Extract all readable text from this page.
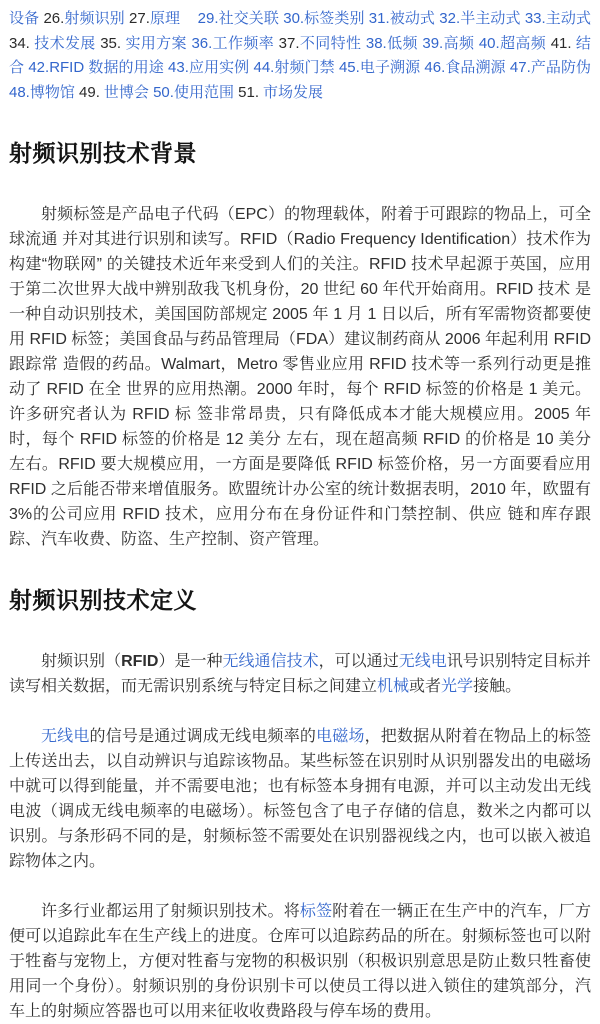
设备 26.射频识别 27.原理 29.社交关联 30.标签类别 31.被动式 32.半主动式 33.主动式 34. 技术发展 35. 实用方案 36.工作频率 37.不同特性 38.低频 39.高频 40.超高频 41. 结合 42.RFID 数据的用途 43.应用实例 44.射频门禁 45.电子溯源 46.食品溯源 47.产品防伪 48.博物馆 49. 世博会 50.使用范围 51. 市场发展
射频识别技术背景

射频标签是产品电子代码（EPC）的物理载体，附着于可跟踪的物品上，可全球流通 并对其进行识别和读写。RFID（Radio Frequency Identification）技术作为构建“物联网” 的关键技术近年来受到人们的关注。RFID 技术早起源于英国，应用于第二次世界大战中辨别敌我飞机身份，20 世纪 60 年代开始商用。RFID 技术 是一种自动识别技术，美国国防部规定 2005 年 1 月 1 日以后，所有军需物资都要使用 RFID 标签；美国食品与药品管理局（FDA）建议制药商从 2006 年起利用 RFID 跟踪常 造假的药品。Walmart，Metro 零售业应用 RFID 技术等一系列行动更是推动了 RFID 在全 世界的应用热潮。2000 年时，每个 RFID 标签的价格是 1 美元。许多研究者认为 RFID 标 签非常昂贵，只有降低成本才能大规模应用。2005 年时，每个 RFID 标签的价格是 12 美分 左右，现在超高频 RFID 的价格是 10 美分左右。RFID 要大规模应用，一方面是要降低 RFID 标签价格，另一方面要看应用 RFID 之后能否带来增值服务。欧盟统计办公室的统计数据表明，2010 年，欧盟有 3%的公司应用 RFID 技术，应用分布在身份证件和门禁控制、供应 链和库存跟踪、汽车收费、防盗、生产控制、资产管理。

射频识别技术定义

射频识别（RFID）是一种无线通信技术，可以通过无线电讯号识别特定目标并读写相关数据，而无需识别系统与特定目标之间建立机械或者光学接触。

无线电的信号是通过调成无线电频率的电磁场，把数据从附着在物品上的标签上传送出去，以自动辨识与追踪该物品。某些标签在识别时从识别器发出的电磁场中就可以得到能量，并不需要电池；也有标签本身拥有电源，并可以主动发出无线电波（调成无线电频率的电磁场）。标签包含了电子存储的信息，数米之内都可以识别。与条形码不同的是，射频标签不需要处在识别器视线之内，也可以嵌入被追踪物体之内。

许多行业都运用了射频识别技术。将标签附着在一辆正在生产中的汽车，厂方便可以追踪此车在生产线上的进度。仓库可以追踪药品的所在。射频标签也可以附于牲畜与宠物上，方便对牲畜与宠物的积极识别（积极识别意思是防止数只牲畜使用同一个身份）。射频识别的身份识别卡可以使员工得以进入锁住的建筑部分，汽车上的射频应答器也可以用来征收收费路段与停车场的费用。
